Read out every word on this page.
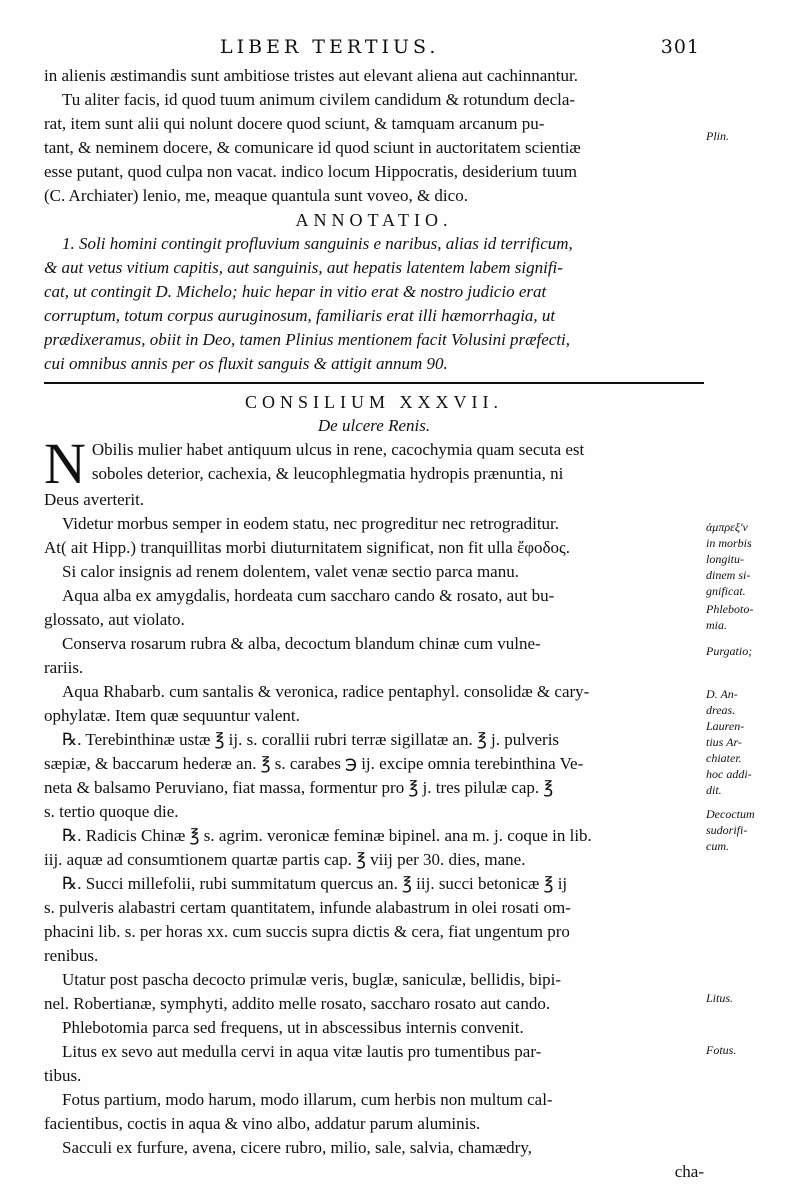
LIBER TERTIUS.	301
in alienis æstimandis sunt ambitiose tristes aut elevant aliena aut cachinnantur.
Tu aliter facis, id quod tuum animum civilem candidum & rotundum decla-
rat, item sunt alii qui nolunt docere quod sciunt, & tamquam arcanum pu-
tant, & neminem docere, & comunicare id quod sciunt in auctoritatem scientiæ
esse putant, quod culpa non vacat. indico locum Hippocratis, desiderium tuum
(C. Archiater) lenio, me, meaque quantula sunt voveo, & dico.
ANNOTATIO.
1. Soli homini contingit profluvium sanguinis e naribus, alias id terrificum,
& aut vetus vitium capitis, aut sanguinis, aut hepatis latentem labem signifi-
cat, ut contingit D. Michelo; huic hepar in vitio erat & nostro judicio erat
corruptum, totum corpus auruginosum, familiaris erat illi hæmorrhagia, ut
prædixeramus, obiit in Deo, tamen Plinius mentionem facit Volusini præfecti,
cui omnibus annis per os fluxit sanguis & attigit annum 90.
CONSILIUM XXXVII.
De ulcere Renis.
N Obilis mulier habet antiquum ulcus in rene, cacochymia quam secuta est
soboles deterior, cachexia, & leucophlegmatia hydropis prænuntia, ni
Deus averterit.
Videtur morbus semper in eodem statu, nec progreditur nec retrograditur.
At( ait Hipp.) tranquillitas morbi diuturnitatem significat, non fit ulla ἔφοδος.
Si calor insignis ad renem dolentem, valet venæ sectio parca manu.
Aqua alba ex amygdalis, hordeata cum saccharo cando & rosato, aut bu-
glossato, aut violato.
Conserva rosarum rubra & alba, decoctum blandum chinæ cum vulne-
rariis.
Aqua Rhabarb. cum santalis & veronica, radice pentaphyl. consolidæ & cary-
ophylatæ. Item quæ sequuntur valent.
℞. Terebinthinæ ustæ ℥ ij. s. corallii rubri terræ sigillatæ an. ℥ j. pulveris
sæpiæ, & baccarum hederæ an. ℥ s. carabes ℈ ij. excipe omnia terebinthina Ve-
neta & balsamo Peruviano, fiat massa, formentur pro ℥ j. tres pilulæ cap. ℥
s. tertio quoque die.
℞. Radicis Chinæ ℥ s. agrim. veronicæ feminæ bipinel. ana m. j. coque in lib.
iij. aquæ ad consumtionem quartæ partis cap. ℥ viij per 30. dies, mane.
℞. Succi millefolii, rubi summitatum quercus an. ℥ iij. succi betonicæ ℥ ij
s. pulveris alabastri certam quantitatem, infunde alabastrum in olei rosati om-
phacini lib. s. per horas xx. cum succis supra dictis & cera, fiat ungentum pro
renibus.
Utatur post pascha decocto primulæ veris, buglæ, saniculæ, bellidis, bipi-
nel. Robertianæ, symphyti, addito melle rosato, saccharo rosato aut cando.
Phlebotomia parca sed frequens, ut in abscessibus internis convenit.
Litus ex sevo aut medulla cervi in aqua vitæ lautis pro tumentibus par-
tibus.
Fotus partium, modo harum, modo illarum, cum herbis non multum cal-
facientibus, coctis in aqua & vino albo, addatur parum aluminis.
Sacculi ex furfure, avena, cicere rubro, milio, sale, salvia, chamædry,
cha-
Plin.
ἀμπρεξ'ν
in morbis
longitu-
dinem si-
gnificat.
Phleboto-
mia.
Purgatio;
D. An-
dreas.
Lauren-
tius Ar-
chiater.
hoc addi-
dit.
Decoctum
sudorifi-
cum.
Litus.
Fotus.
